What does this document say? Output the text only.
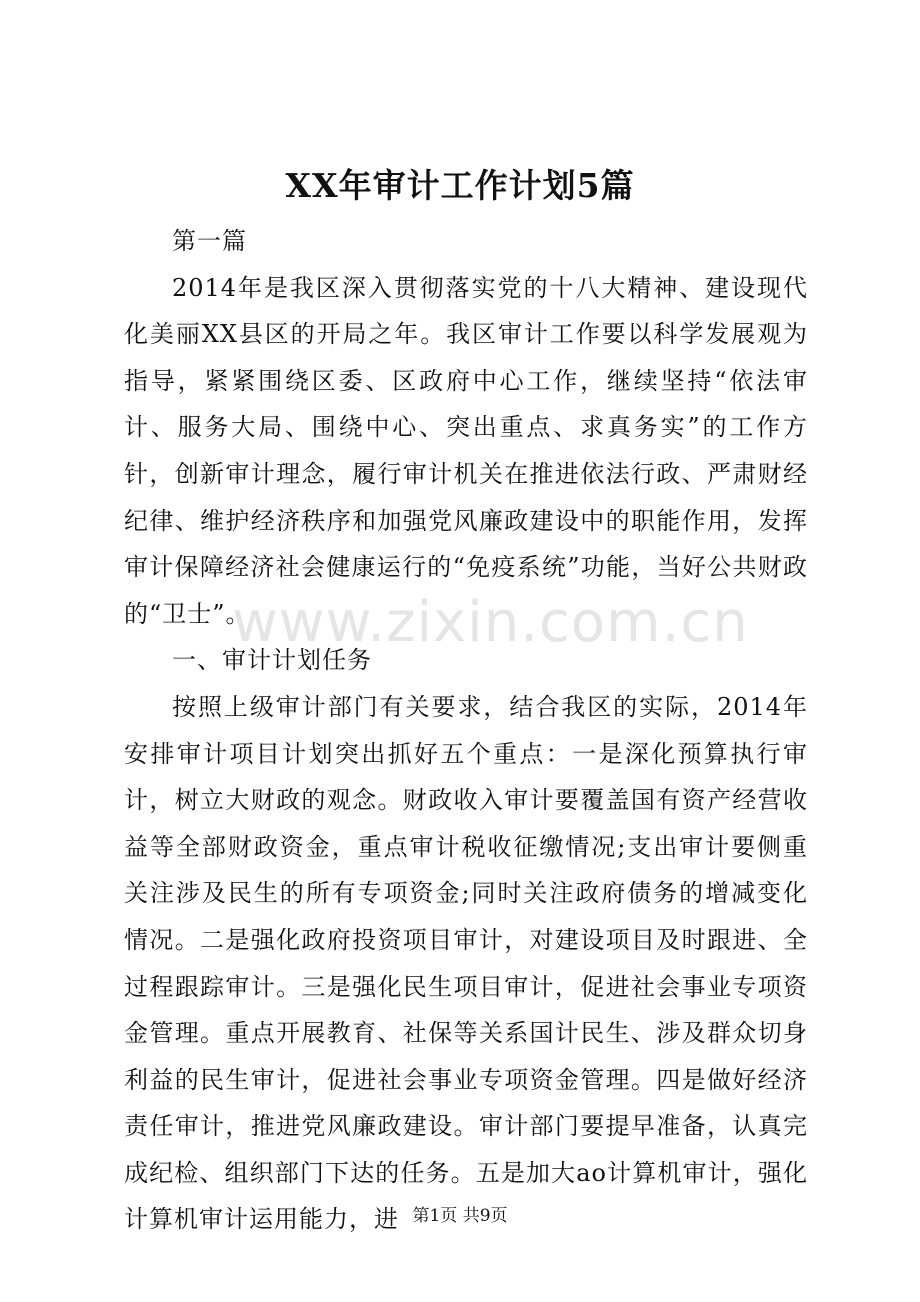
XX年审计工作计划5篇

第一篇

2014年是我区深入贯彻落实党的十八大精神、建设现代化美丽XX县区的开局之年。我区审计工作要以科学发展观为指导，紧紧围绕区委、区政府中心工作，继续坚持“依法审计、服务大局、围绕中心、突出重点、求真务实”的工作方针，创新审计理念，履行审计机关在推进依法行政、严肃财经纪律、维护经济秩序和加强党风廉政建设中的职能作用，发挥审计保障经济社会健康运行的“免疫系统”功能，当好公共财政的“卫士”。

一、审计计划任务

按照上级审计部门有关要求，结合我区的实际，2014年安排审计项目计划突出抓好五个重点：一是深化预算执行审计，树立大财政的观念。财政收入审计要覆盖国有资产经营收益等全部财政资金，重点审计税收征缴情况;支出审计要侧重关注涉及民生的所有专项资金;同时关注政府债务的增减变化情况。二是强化政府投资项目审计，对建设项目及时跟进、全过程跟踪审计。三是强化民生项目审计，促进社会事业专项资金管理。重点开展教育、社保等关系国计民生、涉及群众切身利益的民生审计，促进社会事业专项资金管理。四是做好经济责任审计，推进党风廉政建设。审计部门要提早准备，认真完成纪检、组织部门下达的任务。五是加大ao计算机审计，强化计算机审计运用能力，进

www.zixin.com.cn
第1页 共9页
